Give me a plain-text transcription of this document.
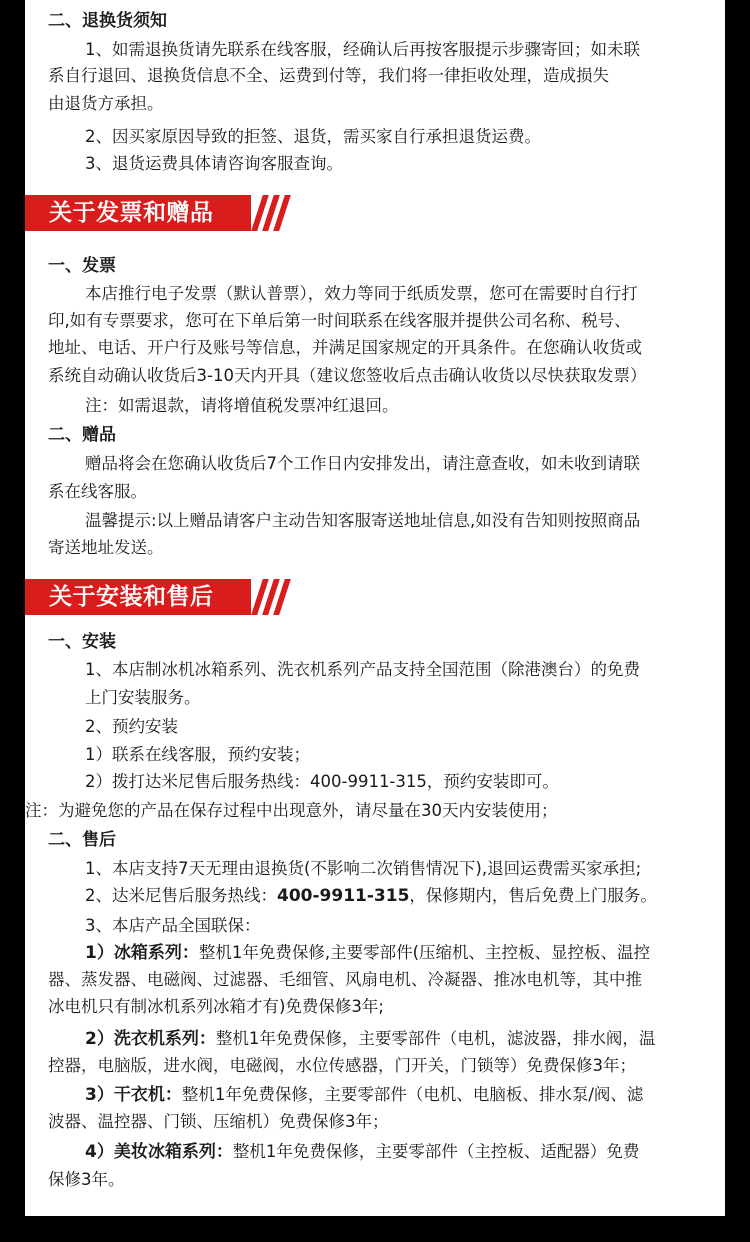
二、退换货须知
1、如需退换货请先联系在线客服，经确认后再按客服提示步骤寄回；如未联
系自行退回、退换货信息不全、运费到付等，我们将一律拒收处理，造成损失
由退货方承担。
2、因买家原因导致的拒签、退货，需买家自行承担退货运费。
3、退货运费具体请咨询客服查询。
关于发票和赠品
一、发票
本店推行电子发票（默认普票），效力等同于纸质发票，您可在需要时自行打
印,如有专票要求，您可在下单后第一时间联系在线客服并提供公司名称、税号、
地址、电话、开户行及账号等信息，并满足国家规定的开具条件。在您确认收货或
系统自动确认收货后3-10天内开具（建议您签收后点击确认收货以尽快获取发票）
注：如需退款，请将增值税发票冲红退回。
二、赠品
赠品将会在您确认收货后7个工作日内安排发出，请注意查收，如未收到请联
系在线客服。
温馨提示:以上赠品请客户主动告知客服寄送地址信息,如没有告知则按照商品
寄送地址发送。
关于安装和售后
一、安装
1、本店制冰机冰箱系列、洗衣机系列产品支持全国范围（除港澳台）的免费
上门安装服务。
2、预约安装
1）联系在线客服，预约安装；
2）拨打达米尼售后服务热线：400-9911-315，预约安装即可。
注：为避免您的产品在保存过程中出现意外，请尽量在30天内安装使用；
二、售后
1、本店支持7天无理由退换货(不影响二次销售情况下),退回运费需买家承担;
2、达米尼售后服务热线：400-9911-315，保修期内，售后免费上门服务。
3、本店产品全国联保：
1）冰箱系列：整机1年免费保修,主要零部件(压缩机、主控板、显控板、温控
器、蒸发器、电磁阀、过滤器、毛细管、风扇电机、冷凝器、推冰电机等，其中推
冰电机只有制冰机系列冰箱才有)免费保修3年;
2）洗衣机系列：整机1年免费保修，主要零部件（电机，滤波器，排水阀，温
控器，电脑版，进水阀，电磁阀，水位传感器，门开关，门锁等）免费保修3年；
3）干衣机：整机1年免费保修，主要零部件（电机、电脑板、排水泵/阀、滤
波器、温控器、门锁、压缩机）免费保修3年；
4）美妆冰箱系列：整机1年免费保修，主要零部件（主控板、适配器）免费
保修3年。
